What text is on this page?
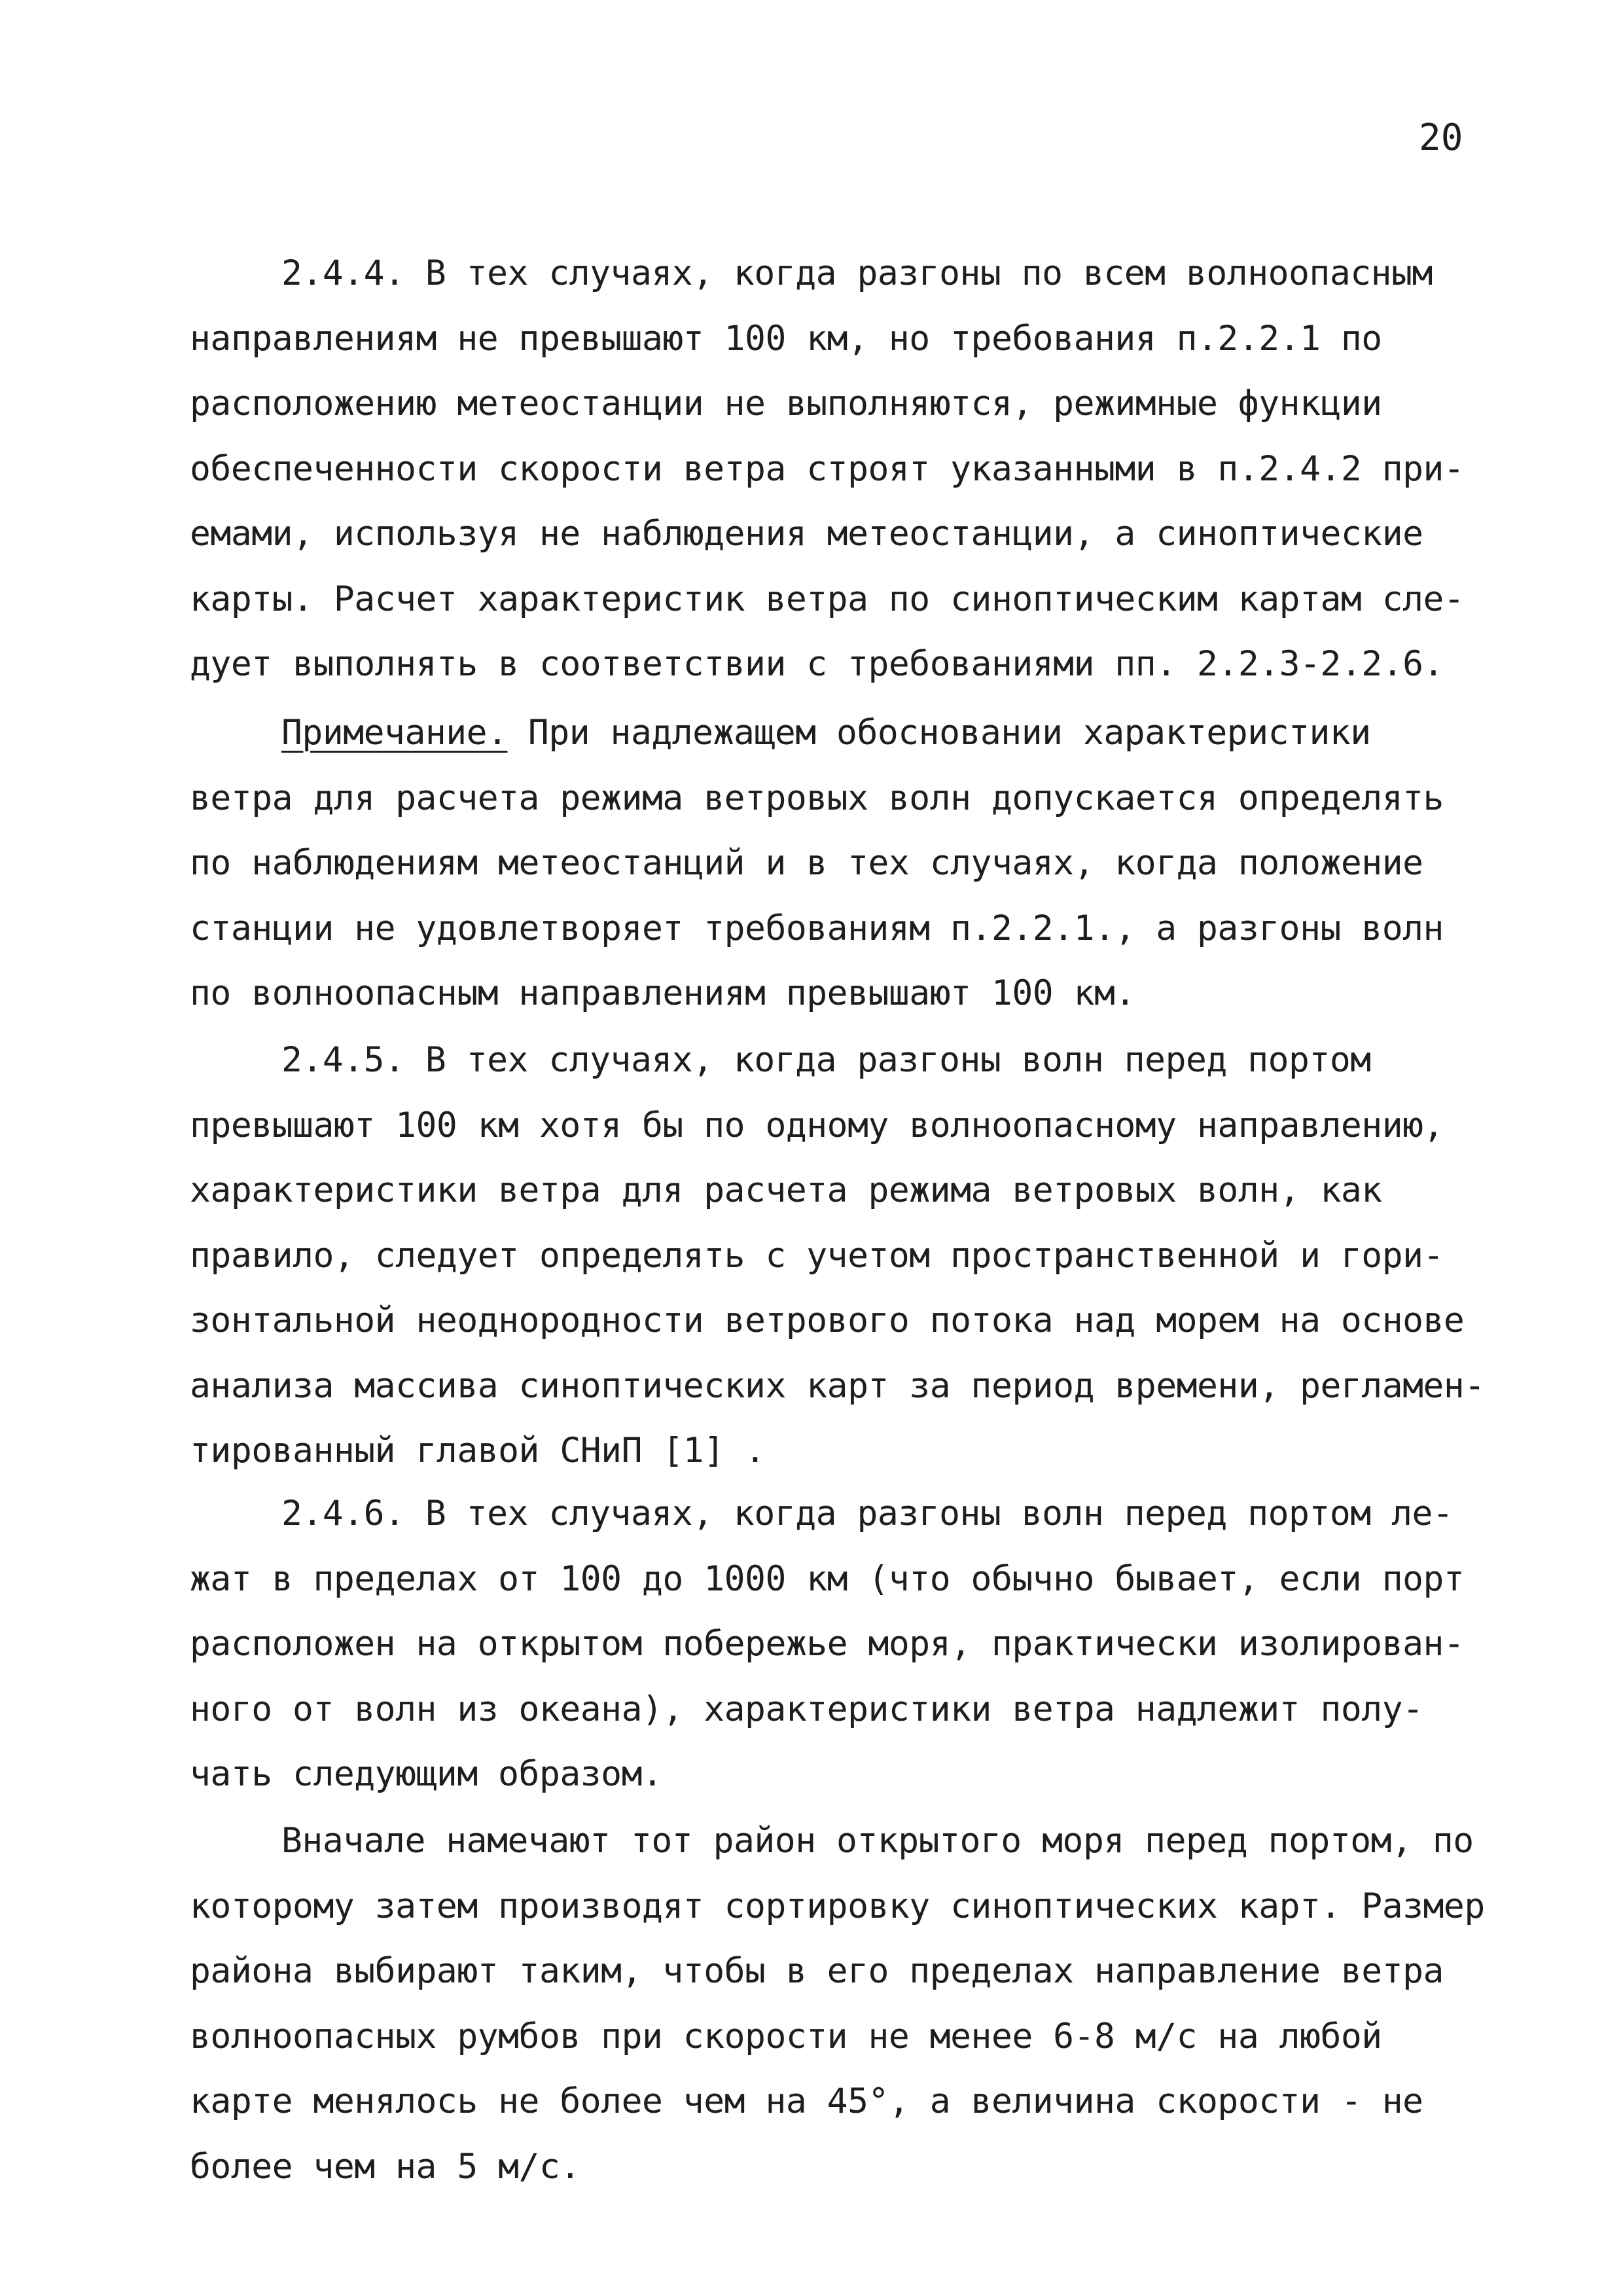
20
2.4.4. В тех случаях, когда разгоны по всем волноопасным
направлениям не превышают 100 км, но требования п.2.2.1 по
расположению метеостанции не выполняются, режимные функции
обеспеченности скорости ветра строят указанными в п.2.4.2 при-
емами, используя не наблюдения метеостанции, а синоптические
карты. Расчет характеристик ветра по синоптическим картам сле-
дует выполнять в соответствии с требованиями пп. 2.2.3-2.2.6.
Примечание. При надлежащем обосновании характеристики
ветра для расчета режима ветровых волн допускается определять
по наблюдениям метеостанций и в тех случаях, когда положение
станции не удовлетворяет требованиям п.2.2.1., а разгоны волн
по волноопасным направлениям превышают 100 км.
2.4.5. В тех случаях, когда разгоны волн перед портом
превышают 100 км хотя бы по одному волноопасному направлению,
характеристики ветра для расчета режима ветровых волн, как
правило, следует определять с учетом пространственной и гори-
зонтальной неоднородности ветрового потока над морем на основе
анализа массива синоптических карт за период времени, регламен-
тированный главой СНиП [1] .
2.4.6. В тех случаях, когда разгоны волн перед портом ле-
жат в пределах от 100 до 1000 км (что обычно бывает, если порт
расположен на открытом побережье моря, практически изолирован-
ного от волн из океана), характеристики ветра надлежит полу-
чать следующим образом.
Вначале намечают тот район открытого моря перед портом, по
которому затем производят сортировку синоптических карт. Размер
района выбирают таким, чтобы в его пределах направление ветра
волноопасных румбов при скорости не менее 6-8 м/с на любой
карте менялось не более чем на 45°, а величина скорости - не
более чем на 5 м/с.
